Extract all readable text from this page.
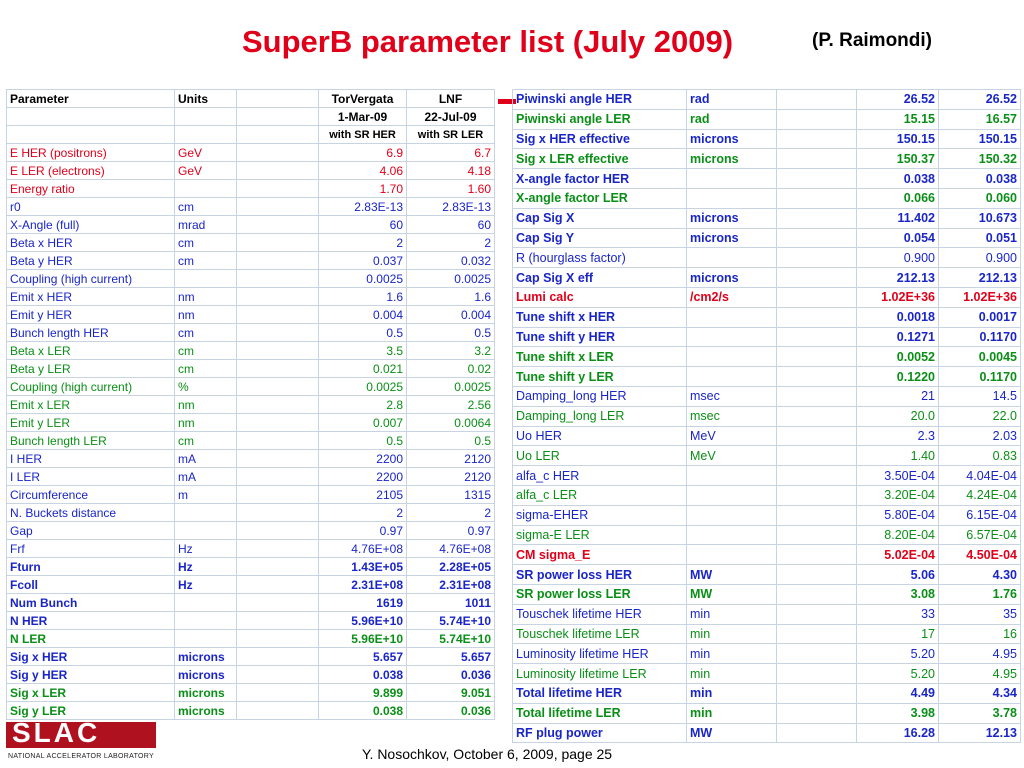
SuperB parameter list (July 2009)	(P. Raimondi)
Parameter	Units		TorVergata	LNF
			1-Mar-09	22-Jul-09
			with SR HER	with SR LER
E HER (positrons)	GeV		6.9	6.7
E LER (electrons)	GeV		4.06	4.18
Energy ratio			1.70	1.60
r0	cm		2.83E-13	2.83E-13
X-Angle (full)	mrad		60	60
Beta x HER	cm		2	2
Beta y HER	cm		0.037	0.032
Coupling (high current)			0.0025	0.0025
Emit x HER	nm		1.6	1.6
Emit y HER	nm		0.004	0.004
Bunch length HER	cm		0.5	0.5
Beta x LER	cm		3.5	3.2
Beta y LER	cm		0.021	0.02
Coupling (high current)	%		0.0025	0.0025
Emit x LER	nm		2.8	2.56
Emit y LER	nm		0.007	0.0064
Bunch length LER	cm		0.5	0.5
I HER	mA		2200	2120
I LER	mA		2200	2120
Circumference	m		2105	1315
N. Buckets distance			2	2
Gap			0.97	0.97
Frf	Hz		4.76E+08	4.76E+08
Fturn	Hz		1.43E+05	2.28E+05
Fcoll	Hz		2.31E+08	2.31E+08
Num Bunch			1619	1011
N HER			5.96E+10	5.74E+10
N LER			5.96E+10	5.74E+10
Sig x HER	microns		5.657	5.657
Sig y HER	microns		0.038	0.036
Sig x LER	microns		9.899	9.051
Sig y LER	microns		0.038	0.036
Piwinski angle HER	rad		26.52	26.52
Piwinski angle LER	rad		15.15	16.57
Sig x HER effective	microns		150.15	150.15
Sig x LER effective	microns		150.37	150.32
X-angle factor HER			0.038	0.038
X-angle factor LER			0.066	0.060
Cap Sig X	microns		11.402	10.673
Cap Sig Y	microns		0.054	0.051
R (hourglass factor)			0.900	0.900
Cap Sig X eff	microns		212.13	212.13
Lumi calc	/cm2/s		1.02E+36	1.02E+36
Tune shift x HER			0.0018	0.0017
Tune shift y HER			0.1271	0.1170
Tune shift x LER			0.0052	0.0045
Tune shift y LER			0.1220	0.1170
Damping_long HER	msec		21	14.5
Damping_long LER	msec		20.0	22.0
Uo HER	MeV		2.3	2.03
Uo LER	MeV		1.40	0.83
alfa_c HER			3.50E-04	4.04E-04
alfa_c LER			3.20E-04	4.24E-04
sigma-EHER			5.80E-04	6.15E-04
sigma-E LER			8.20E-04	6.57E-04
CM sigma_E			5.02E-04	4.50E-04
SR power loss HER	MW		5.06	4.30
SR power loss LER	MW		3.08	1.76
Touschek lifetime HER	min		33	35
Touschek lifetime LER	min		17	16
Luminosity lifetime HER	min		5.20	4.95
Luminosity lifetime LER	min		5.20	4.95
Total lifetime HER	min		4.49	4.34
Total lifetime LER	min		3.98	3.78
RF plug power	MW		16.28	12.13
SLAC
NATIONAL ACCELERATOR LABORATORY	Y. Nosochkov, October 6, 2009, page 25
